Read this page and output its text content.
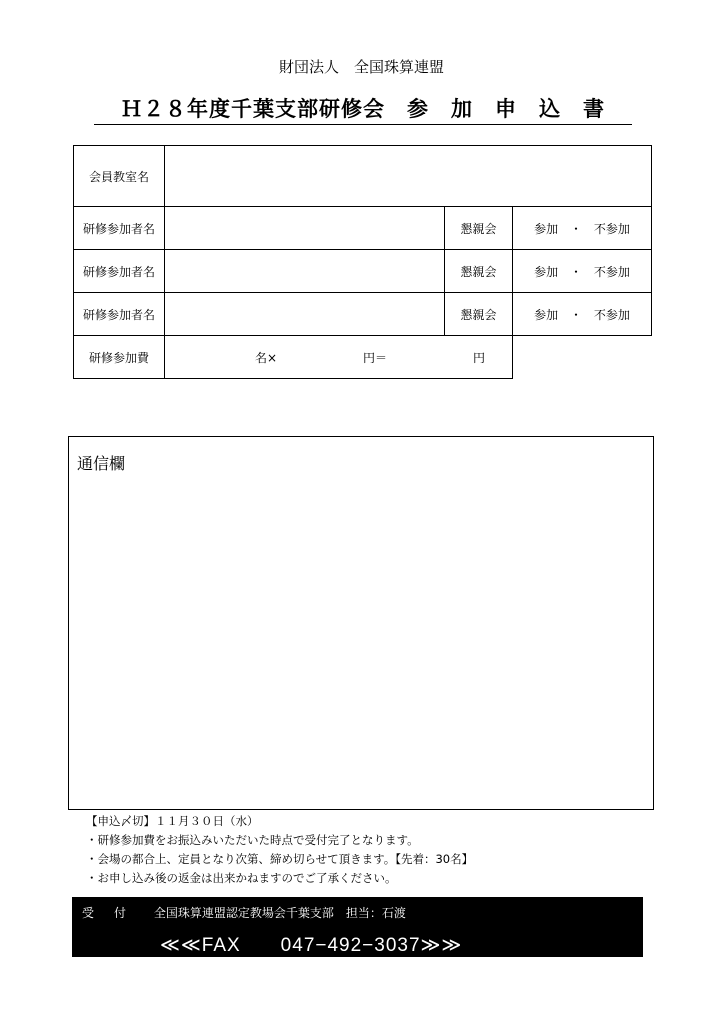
財団法人　全国珠算連盟
Ｈ２８年度千葉支部研修会　参　加　申　込　書
会員教室名			
研修参加者名		懇親会	参加 ・ 不参加
研修参加者名		懇親会	参加 ・ 不参加
研修参加者名		懇親会	参加 ・ 不参加
研修参加費	名× 円＝ 円		

通信欄
【申込〆切】１１月３０日（水）
・研修参加費をお振込みいただいた時点で受付完了となります。
・会場の都合上、定員となり次第、締め切らせて頂きます。【先着：30名】
・お申し込み後の返金は出来かねますのでご了承ください。
受付 全国珠算連盟認定教場会千葉支部　担当：石渡
≪≪FAX　　047−492−3037≫≫
